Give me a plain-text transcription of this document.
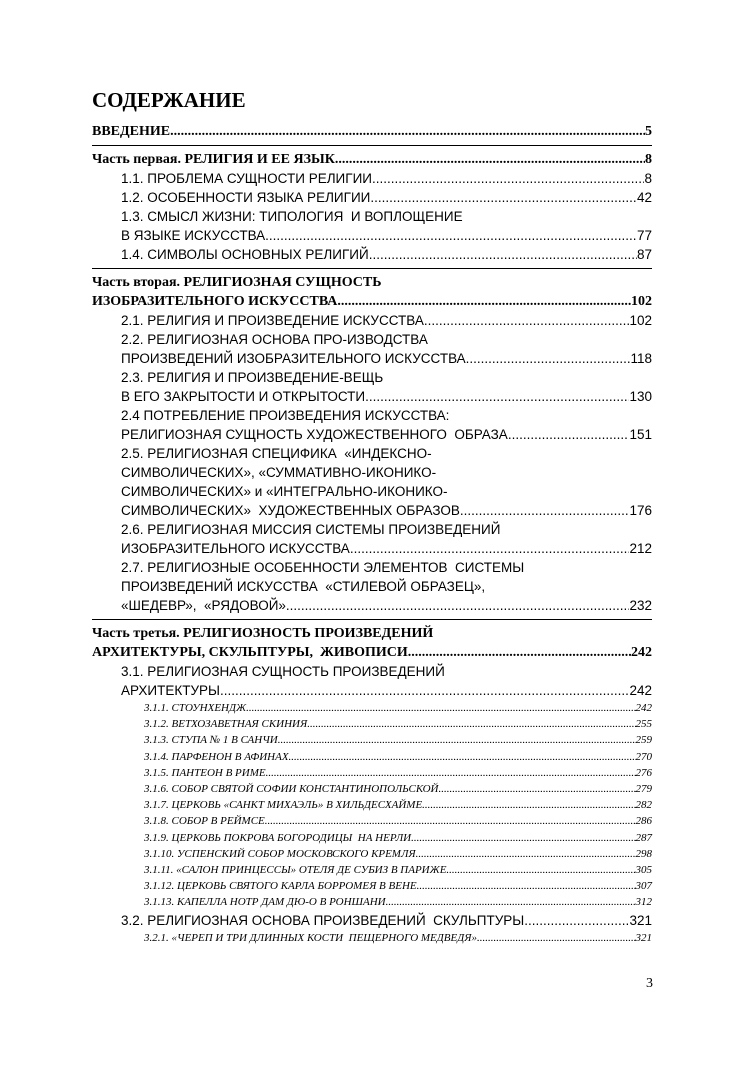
СОДЕРЖАНИЕ
ВВЕДЕНИЕ .....	5
Часть первая. РЕЛИГИЯ И ЕЕ ЯЗЫК .....	8
1.1. ПРОБЛЕМА СУЩНОСТИ РЕЛИГИИ .....	8
1.2. ОСОБЕННОСТИ ЯЗЫКА РЕЛИГИИ .....	42
1.3. СМЫСЛ ЖИЗНИ: ТИПОЛОГИЯ  И ВОПЛОЩЕНИЕ
В ЯЗЫКЕ ИСКУССТВА .....	77
1.4. СИМВОЛЫ ОСНОВНЫХ РЕЛИГИЙ .....	87
Часть вторая. РЕЛИГИОЗНАЯ СУЩНОСТЬ
ИЗОБРАЗИТЕЛЬНОГО ИСКУССТВА .....	102
2.1. РЕЛИГИЯ И ПРОИЗВЕДЕНИЕ ИСКУССТВА .....	102
2.2. РЕЛИГИОЗНАЯ ОСНОВА ПРО-ИЗВОДСТВА
ПРОИЗВЕДЕНИЙ ИЗОБРАЗИТЕЛЬНОГО ИСКУССТВА .....	118
2.3. РЕЛИГИЯ И ПРОИЗВЕДЕНИЕ-ВЕЩЬ
В ЕГО ЗАКРЫТОСТИ И ОТКРЫТОСТИ .....	130
2.4 ПОТРЕБЛЕНИЕ ПРОИЗВЕДЕНИЯ ИСКУССТВА:
РЕЛИГИОЗНАЯ СУЩНОСТЬ ХУДОЖЕСТВЕННОГО  ОБРАЗА .....	151
2.5. РЕЛИГИОЗНАЯ СПЕЦИФИКА  «ИНДЕКСНО-
СИМВОЛИЧЕСКИХ», «СУММАТИВНО-ИКОНИКО-
СИМВОЛИЧЕСКИХ» и «ИНТЕГРАЛЬНО-ИКОНИКО-
СИМВОЛИЧЕСКИХ»  ХУДОЖЕСТВЕННЫХ ОБРАЗОВ .....	176
2.6. РЕЛИГИОЗНАЯ МИССИЯ СИСТЕМЫ ПРОИЗВЕДЕНИЙ
ИЗОБРАЗИТЕЛЬНОГО ИСКУССТВА .....	212
2.7. РЕЛИГИОЗНЫЕ ОСОБЕННОСТИ ЭЛЕМЕНТОВ  СИСТЕМЫ
ПРОИЗВЕДЕНИЙ ИСКУССТВА  «СТИЛЕВОЙ ОБРАЗЕЦ»,
«ШЕДЕВР»,  «РЯДОВОЙ» .....	232
Часть третья. РЕЛИГИОЗНОСТЬ ПРОИЗВЕДЕНИЙ
АРХИТЕКТУРЫ, СКУЛЬПТУРЫ,  ЖИВОПИСИ .....	242
3.1. РЕЛИГИОЗНАЯ СУЩНОСТЬ ПРОИЗВЕДЕНИЙ
АРХИТЕКТУРЫ .....	242
3.1.1. СТОУНХЕНДЖ .....	242
3.1.2. ВЕТХОЗАВЕТНАЯ СКИНИЯ .....	255
3.1.3. СТУПА № 1 В САНЧИ .....	259
3.1.4. ПАРФЕНОН В АФИНАХ .....	270
3.1.5. ПАНТЕОН В РИМЕ .....	276
3.1.6. СОБОР СВЯТОЙ СОФИИ КОНСТАНТИНОПОЛЬСКОЙ .....	279
3.1.7. ЦЕРКОВЬ «САНКТ МИХАЭЛЬ» В ХИЛЬДЕСХАЙМЕ .....	282
3.1.8. СОБОР В РЕЙМСЕ .....	286
3.1.9. ЦЕРКОВЬ ПОКРОВА БОГОРОДИЦЫ  НА НЕРЛИ .....	287
3.1.10. УСПЕНСКИЙ СОБОР МОСКОВСКОГО КРЕМЛЯ .....	298
3.1.11. «САЛОН ПРИНЦЕССЫ» ОТЕЛЯ ДЕ СУБИЗ В ПАРИЖЕ .....	305
3.1.12. ЦЕРКОВЬ СВЯТОГО КАРЛА БОРРОМЕЯ В ВЕНЕ .....	307
3.1.13. КАПЕЛЛА НОТР ДАМ ДЮ-О В РОНШАНИ .....	312
3.2. РЕЛИГИОЗНАЯ ОСНОВА ПРОИЗВЕДЕНИЙ  СКУЛЬПТУРЫ .....	321
3.2.1. «ЧЕРЕП И ТРИ ДЛИННЫХ КОСТИ  ПЕЩЕРНОГО МЕДВЕДЯ» .....	321
3
